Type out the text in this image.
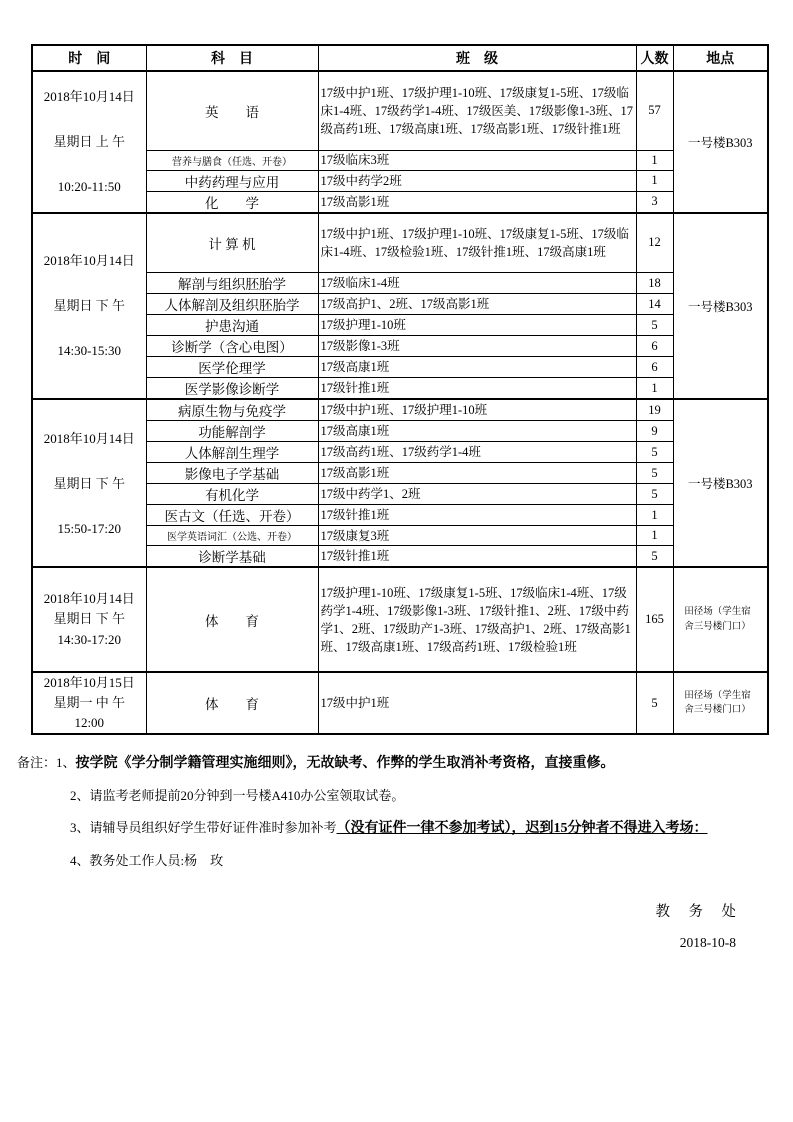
时　间	科　目	班　级	人数	地点

2018年10月14日
星期日 上 午
10:20-11:50	英　　语	17级中护1班、17级护理1-10班、17级康复1-5班、17级临床1-4班、17级药学1-4班、17级医美、17级影像1-3班、17级高药1班、17级高康1班、17级高影1班、17级针推1班	57	一号楼B303

	营养与膳食（任选、开卷）	17级临床3班	1	
	中药药理与应用	17级中药学2班	1	
	化　　学	17级高影1班	3	

2018年10月14日
星期日 下 午
14:30-15:30	计 算 机	17级中护1班、17级护理1-10班、17级康复1-5班、17级临床1-4班、17级检验1班、17级针推1班、17级高康1班	12	一号楼B303

	解剖与组织胚胎学	17级临床1-4班	18	
	人体解剖及组织胚胎学	17级高护1、2班、17级高影1班	14	
	护患沟通	17级护理1-10班	5	
	诊断学（含心电图）	17级影像1-3班	6	
	医学伦理学	17级高康1班	6	
	医学影像诊断学	17级针推1班	1	

2018年10月14日
星期日 下 午
15:50-17:20	病原生物与免疫学	17级中护1班、17级护理1-10班	19	一号楼B303

	功能解剖学	17级高康1班	9	
	人体解剖生理学	17级高药1班、17级药学1-4班	5	
	影像电子学基础	17级高影1班	5	
	有机化学	17级中药学1、2班	5	
	医古文（任选、开卷）	17级针推1班	1	
	医学英语词汇（公选、开卷）	17级康复3班	1	
	诊断学基础	17级针推1班	5	

2018年10月14日
星期日 下 午
14:30-17:20	体　　育	17级护理1-10班、17级康复1-5班、17级临床1-4班、17级药学1-4班、17级影像1-3班、17级针推1、2班、17级中药学1、2班、17级助产1-3班、17级高护1、2班、17级高影1班、17级高康1班、17级高药1班、17级检验1班	165	田径场（学生宿舍三号楼门口）

2018年10月15日
星期一 中 午
12:00	体　　育	17级中护1班	5	田径场（学生宿舍三号楼门口）

备注：1、按学院《学分制学籍管理实施细则》，无故缺考、作弊的学生取消补考资格，直接重修。

2、请监考老师提前20分钟到一号楼A410办公室领取试卷。

3、请辅导员组织好学生带好证件准时参加补考（没有证件一律不参加考试），迟到15分钟者不得进入考场：

4、教务处工作人员:杨　玫

教　务　处
2018-10-8
